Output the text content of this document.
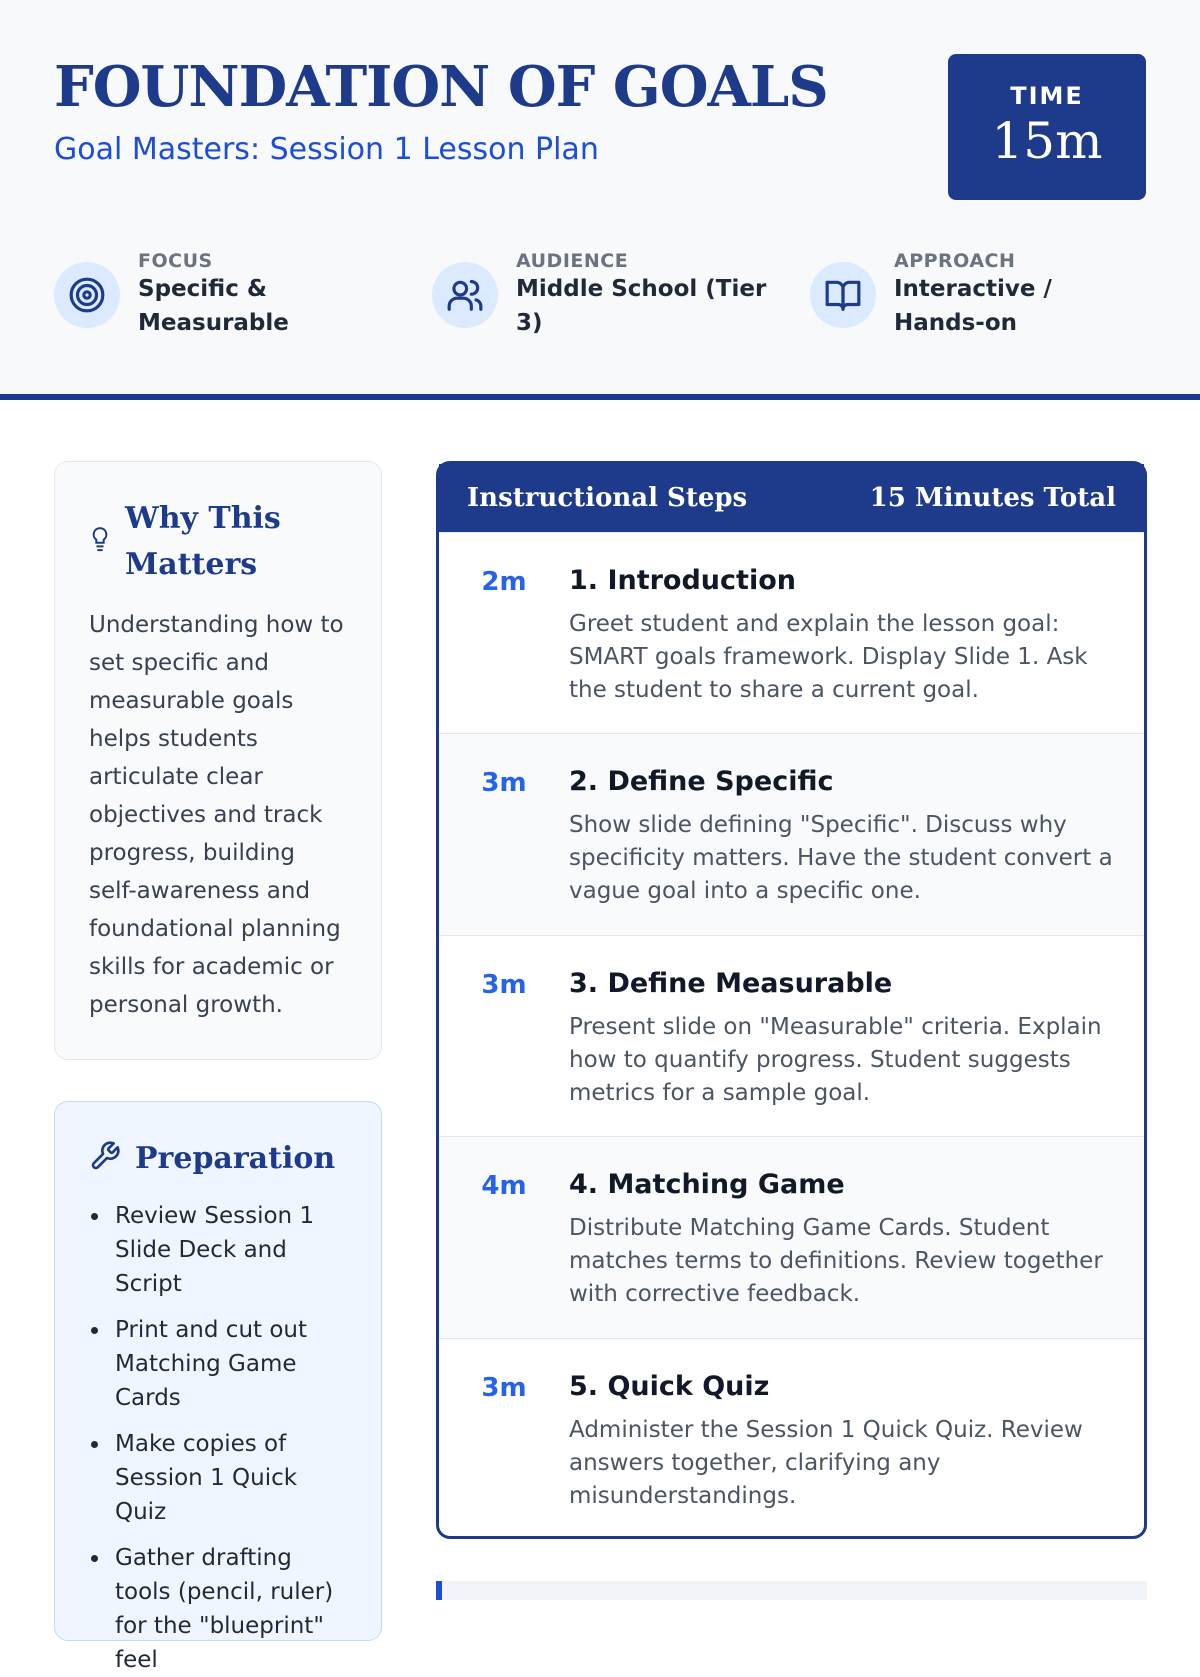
FOUNDATION OF GOALS
Goal Masters: Session 1 Lesson Plan
TIME
15m
FOCUS
Specific & Measurable
AUDIENCE
Middle School (Tier 3)
APPROACH
Interactive / Hands-on
Why This Matters
Understanding how to set specific and measurable goals helps students articulate clear objectives and track progress, building self-awareness and foundational planning skills for academic or personal growth.
Preparation
Review Session 1 Slide Deck and Script
Print and cut out Matching Game Cards
Make copies of Session 1 Quick Quiz
Gather drafting tools (pencil, ruler) for the "blueprint" feel
Instructional Steps	15 Minutes Total
2m	1. Introduction
Greet student and explain the lesson goal: SMART goals framework. Display Slide 1. Ask the student to share a current goal.
3m	2. Define Specific
Show slide defining "Specific". Discuss why specificity matters. Have the student convert a vague goal into a specific one.
3m	3. Define Measurable
Present slide on "Measurable" criteria. Explain how to quantify progress. Student suggests metrics for a sample goal.
4m	4. Matching Game
Distribute Matching Game Cards. Student matches terms to definitions. Review together with corrective feedback.
3m	5. Quick Quiz
Administer the Session 1 Quick Quiz. Review answers together, clarifying any misunderstandings.
